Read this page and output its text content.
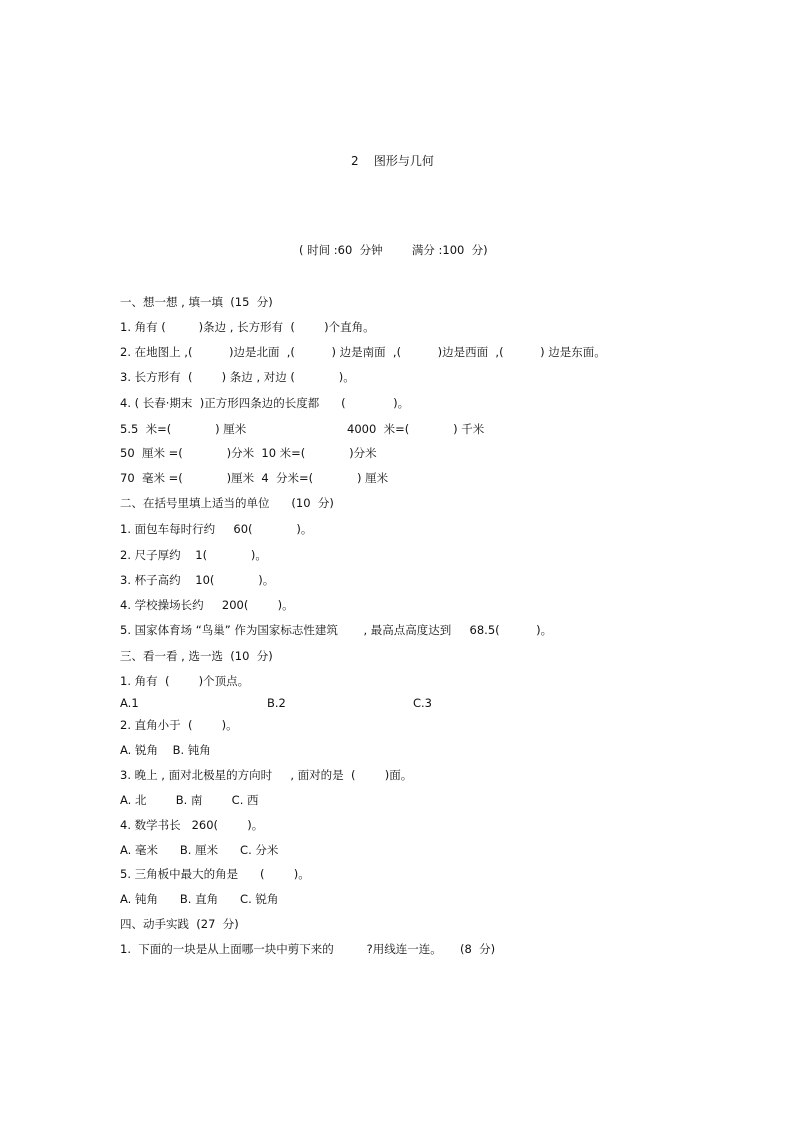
2    图形与几何
( 时间 :60  分钟        满分 :100  分)
一、想一想 , 填一填  (15  分)
1. 角有 (         )条边 , 长方形有  (        )个直角。
2. 在地图上 ,(          )边是北面  ,(          ) 边是南面  ,(          )边是西面  ,(          ) 边是东面。
3. 长方形有  (        ) 条边 , 对边 (            )。
4. ( 长春·期末  )正方形四条边的长度都      (             )。
5.5  米=(            ) 厘米	4000  米=(            ) 千米
50  厘米 =(            )分米  10 米=(            )分米
70  毫米 =(            )厘米  4  分米=(            ) 厘米
二、在括号里填上适当的单位      (10  分)
1. 面包车每时行约     60(            )。
2. 尺子厚约    1(            )。
3. 杯子高约    10(            )。
4. 学校操场长约     200(        )。
5. 国家体育场 “鸟巢” 作为国家标志性建筑       , 最高点高度达到     68.5(          )。
三、看一看 , 选一选  (10  分)
1. 角有  (        )个顶点。
A.1	B.2	C.3
2. 直角小于  (        )。
A. 锐角    B. 钝角
3. 晚上 , 面对北极星的方向时     , 面对的是  (        )面。
A. 北        B. 南        C. 西
4. 数学书长   260(        )。
A. 毫米      B. 厘米      C. 分米
5. 三角板中最大的角是      (        )。
A. 钝角      B. 直角      C. 锐角
四、动手实践  (27  分)
1.  下面的一块是从上面哪一块中剪下来的         ?用线连一连。     (8  分)
